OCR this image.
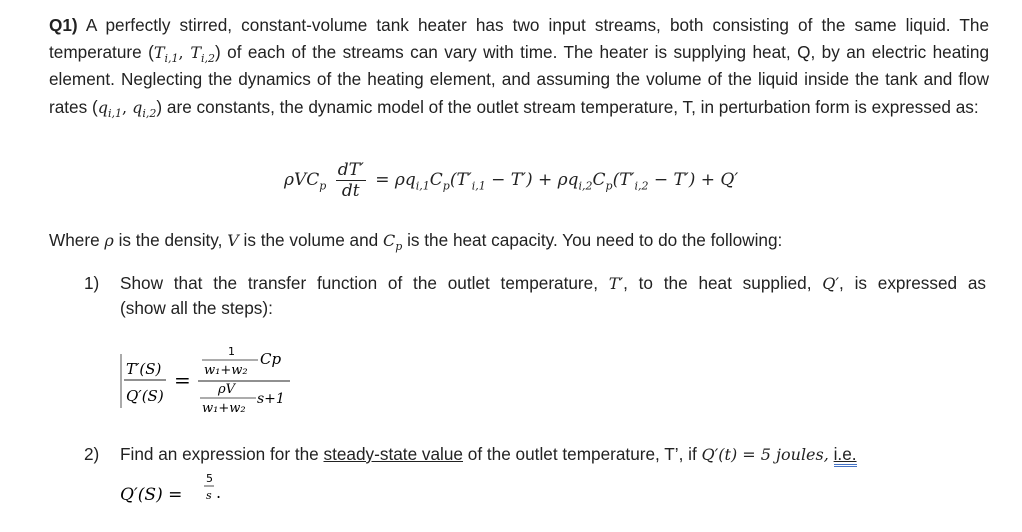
Q1) A perfectly stirred, constant-volume tank heater has two input streams, both consisting of the same liquid. The temperature ($T_{i,1}$, $T_{i,2}$) of each of the streams can vary with time. The heater is supplying heat, Q, by an electric heating element. Neglecting the dynamics of the heating element, and assuming the volume of the liquid inside the tank and flow rates ($q_{i,1}$, $q_{i,2}$) are constants, the dynamic model of the outlet stream temperature, T, in perturbation form is expressed as:
$\rho VC_p \frac{dT'}{dt} = \rho q_{i,1}C_p(T'_{i,1} - T') + \rho q_{i,2}C_p(T'_{i,2} - T') + Q'$
Where ρ is the density, V is the volume and $C_p$ is the heat capacity. You need to do the following:
1) Show that the transfer function of the outlet temperature, T′, to the heat supplied, Q′, is expressed as
(show all the steps):
T′(S)
Q′(S)
=
1
w₁+w₂
Cp
ρV
w₁+w₂
s+1
2) Find an expression for the steady-state value of the outlet temperature, T’, if Q′(t) = 5 joules, i.e.
Q′(S) =
5
s .
